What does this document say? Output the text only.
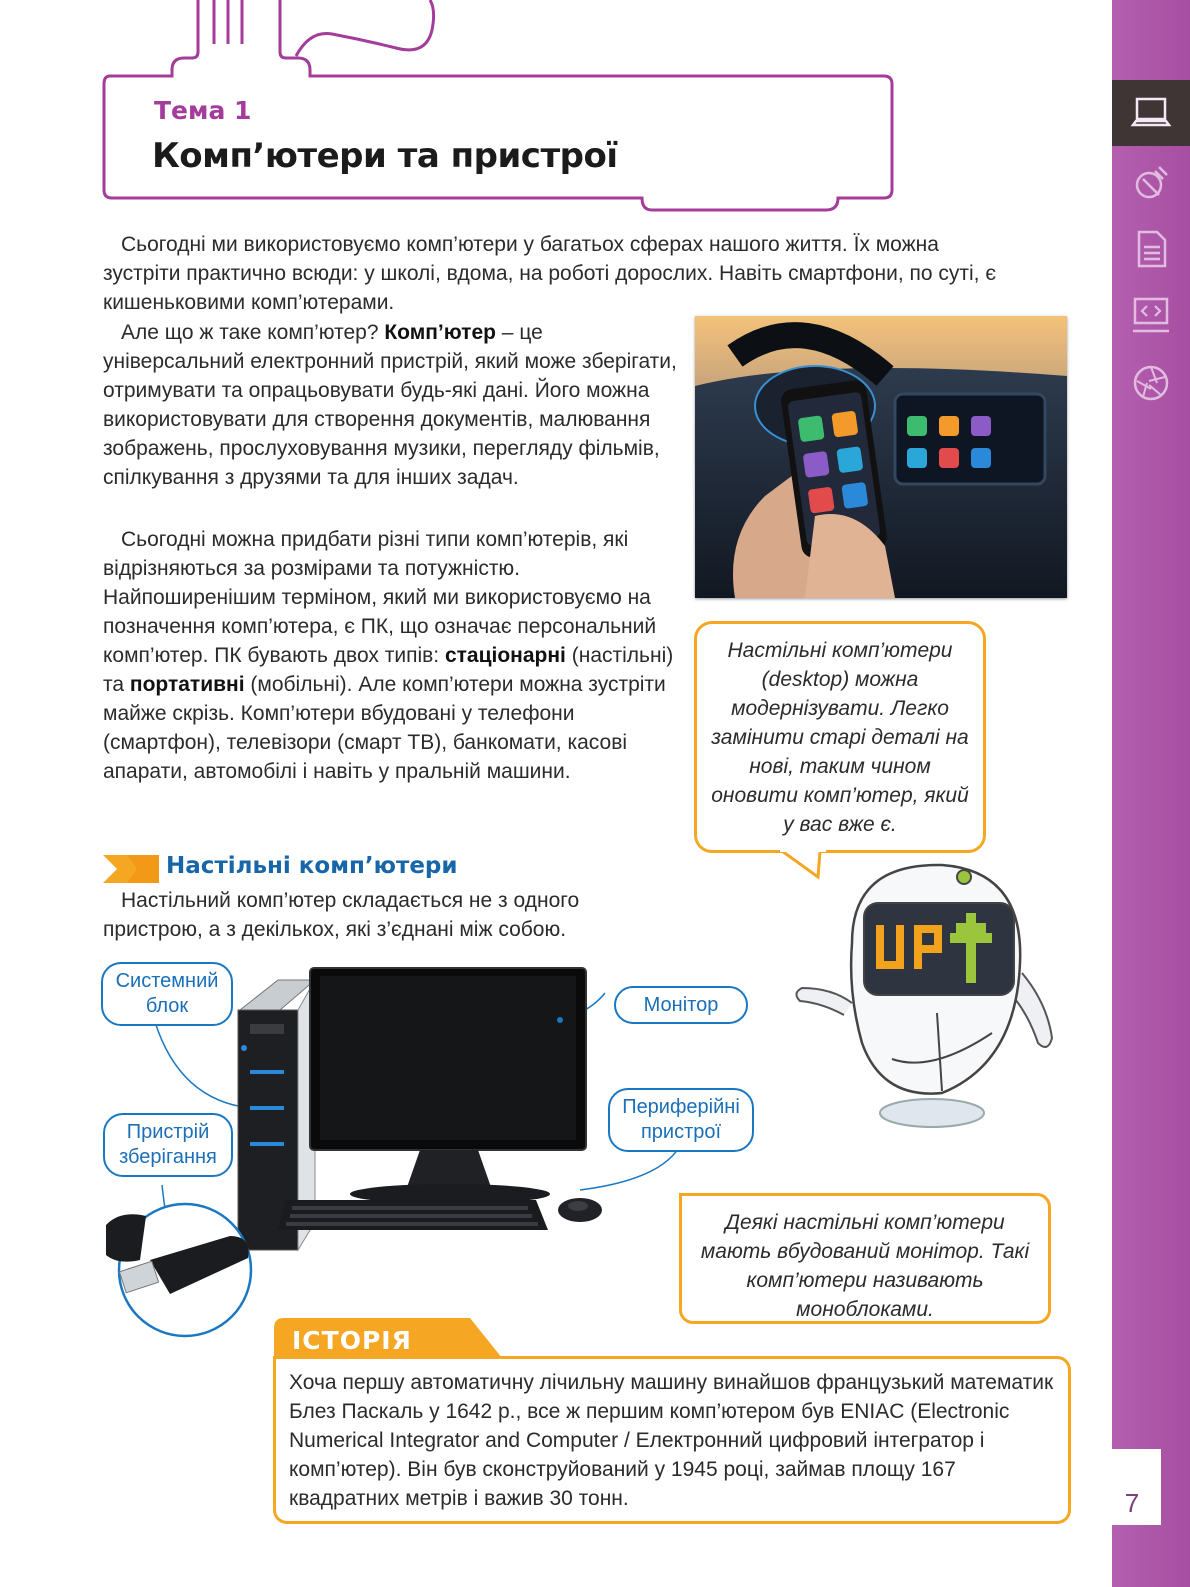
7
Тема 1
Комп’ютери та пристрої
Сьогодні ми використовуємо комп’ютери у багатьох сферах нашого життя. Їх можна зустріти практично всюди: у школі, вдома, на роботі дорослих. Навіть смартфони, по суті, є кишеньковими комп’ютерами.
Але що ж таке комп’ютер? Комп’ютер – це універсальний електронний пристрій, який може зберігати, отримувати та опрацьовувати будь-які дані. Його можна використовувати для створення документів, малювання зображень, прослуховування музики, перегляду фільмів, спілкування з друзями та для інших задач.
Сьогодні можна придбати різні типи комп’ютерів, які відрізняються за розмірами та потужністю. Найпоширенішим терміном, який ми використовуємо на позначення комп’ютера, є ПК, що означає персональний комп’ютер. ПК бувають двох типів: стаціонарні (настільні) та портативні (мобільні). Але комп’ютери можна зустріти майже скрізь. Комп’ютери вбудовані у телефони (смартфон), телевізори (смарт ТВ), банкомати, касові апарати, автомобілі і навіть у пральній машини.
Настільні комп’ютери (desktop) можна модернізувати. Легко замінити старі деталі на нові, таким чином оновити комп’ютер, який у вас вже є.
Настільні комп’ютери
Настільний комп’ютер складається не з одного пристрою, а з декількох, які з’єднані між собою.
Системний блок	Монітор
Периферійні пристрої
Пристрій зберігання
Деякі настільні комп’ютери мають вбудований монітор. Такі комп’ютери називають моноблоками.
ІСТОРІЯ
Хоча першу автоматичну лічильну машину винайшов французький математик Блез Паскаль у 1642 р., все ж першим комп’ютером був ENIAC (Electronic Numerical Integrator and Computer / Електронний цифровий інтегратор і комп’ютер). Він був сконструйований у 1945 році, займав площу 167 квадратних метрів і важив 30 тонн.
